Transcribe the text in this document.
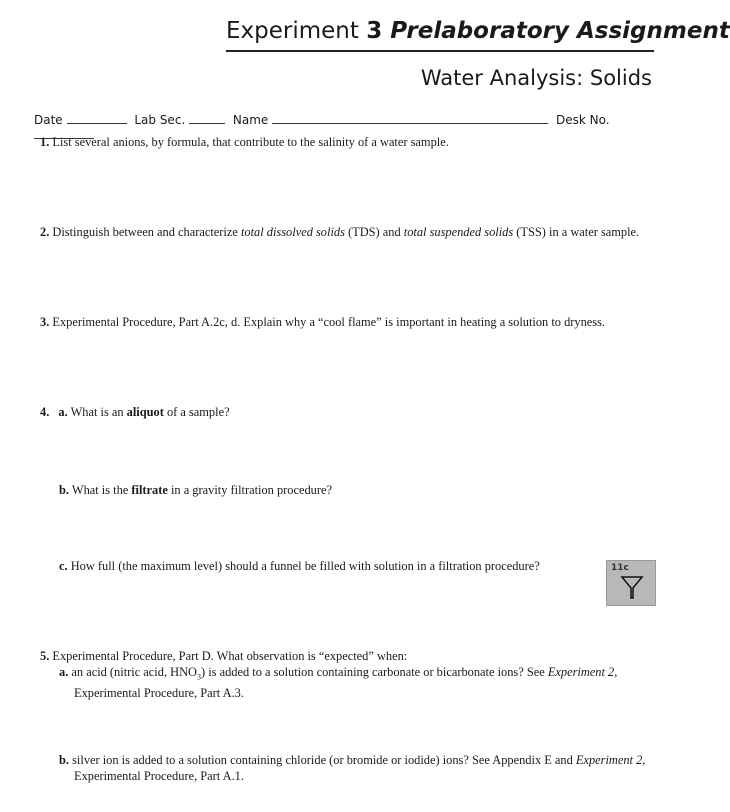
Experiment 3 Prelaboratory Assignment
Water Analysis: Solids
Date	Lab Sec.	Name	Desk No.
1. List several anions, by formula, that contribute to the salinity of a water sample.
2. Distinguish between and characterize total dissolved solids (TDS) and total suspended solids (TSS) in a water sample.
3. Experimental Procedure, Part A.2c, d. Explain why a “cool flame” is important in heating a solution to dryness.
4. a. What is an aliquot of a sample?
b. What is the filtrate in a gravity filtration procedure?
c. How full (the maximum level) should a funnel be filled with solution in a filtration procedure?	11c
5. Experimental Procedure, Part D. What observation is “expected” when:
a. an acid (nitric acid, $HNO_3$) is added to a solution containing carbonate or bicarbonate ions? See Experiment 2,
Experimental Procedure, Part A.3.
b. silver ion is added to a solution containing chloride (or bromide or iodide) ions? See Appendix E and Experiment 2,
Experimental Procedure, Part A.1.
